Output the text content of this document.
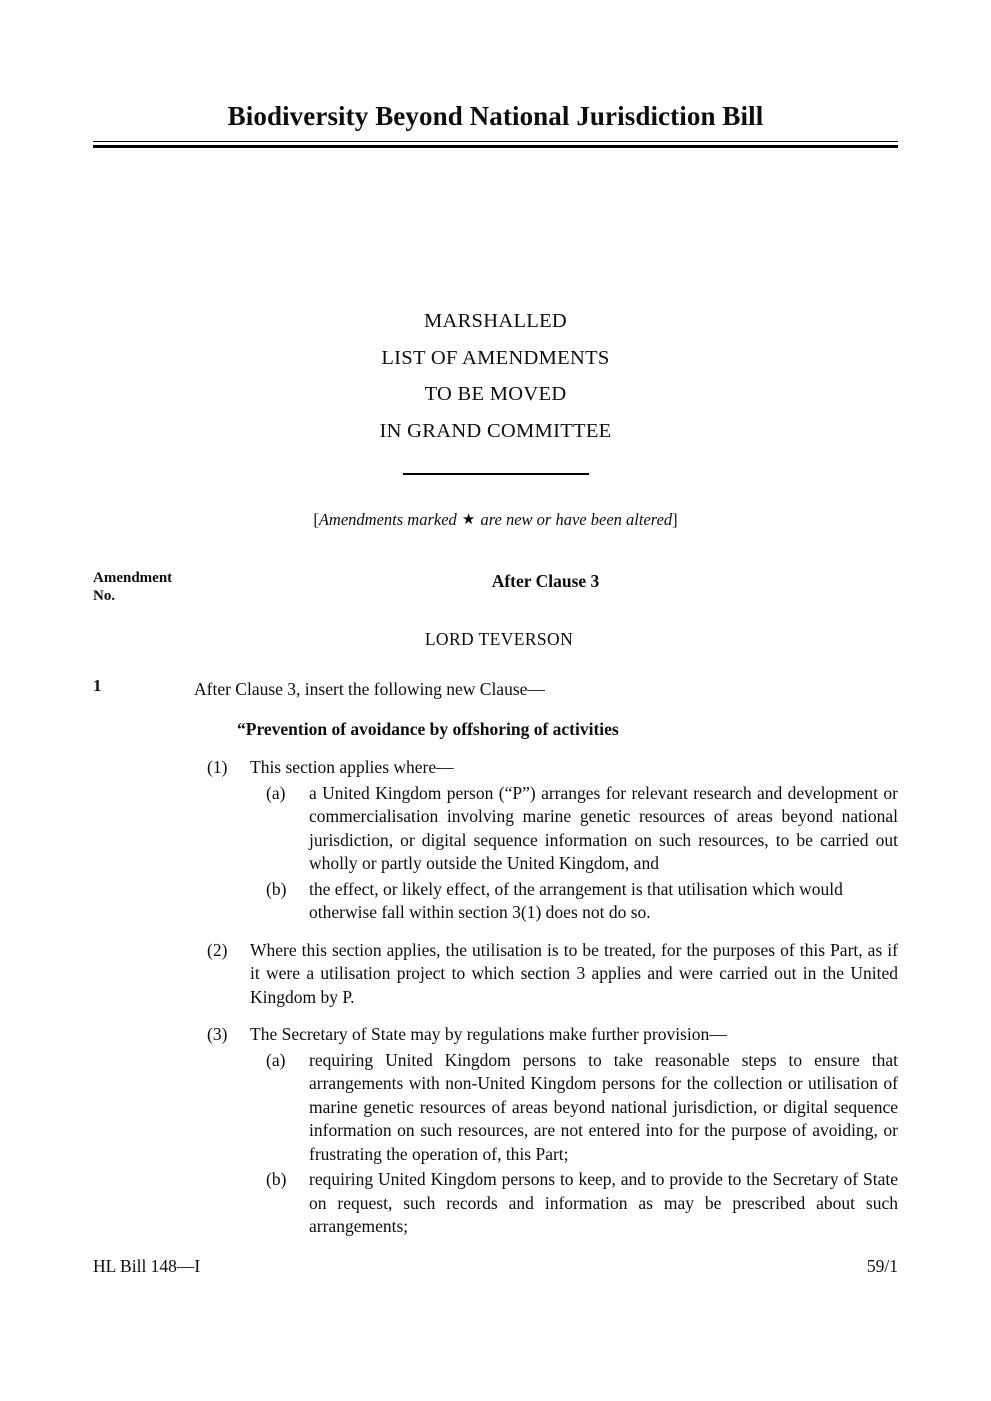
Biodiversity Beyond National Jurisdiction Bill
MARSHALLED
LIST OF AMENDMENTS
TO BE MOVED
IN GRAND COMMITTEE
[Amendments marked ★ are new or have been altered]
Amendment
No.
After Clause 3
LORD TEVERSON
1	After Clause 3, insert the following new Clause—
“Prevention of avoidance by offshoring of activities
(1)	This section applies where—
(a)	a United Kingdom person (“P”) arranges for relevant research and development or commercialisation involving marine genetic resources of areas beyond national jurisdiction, or digital sequence information on such resources, to be carried out wholly or partly outside the United Kingdom, and
(b)	the effect, or likely effect, of the arrangement is that utilisation which would otherwise fall within section 3(1) does not do so.
(2)	Where this section applies, the utilisation is to be treated, for the purposes of this Part, as if it were a utilisation project to which section 3 applies and were carried out in the United Kingdom by P.
(3)	The Secretary of State may by regulations make further provision—
(a)	requiring United Kingdom persons to take reasonable steps to ensure that arrangements with non-United Kingdom persons for the collection or utilisation of marine genetic resources of areas beyond national jurisdiction, or digital sequence information on such resources, are not entered into for the purpose of avoiding, or frustrating the operation of, this Part;
(b)	requiring United Kingdom persons to keep, and to provide to the Secretary of State on request, such records and information as may be prescribed about such arrangements;
HL Bill 148—I	59/1
